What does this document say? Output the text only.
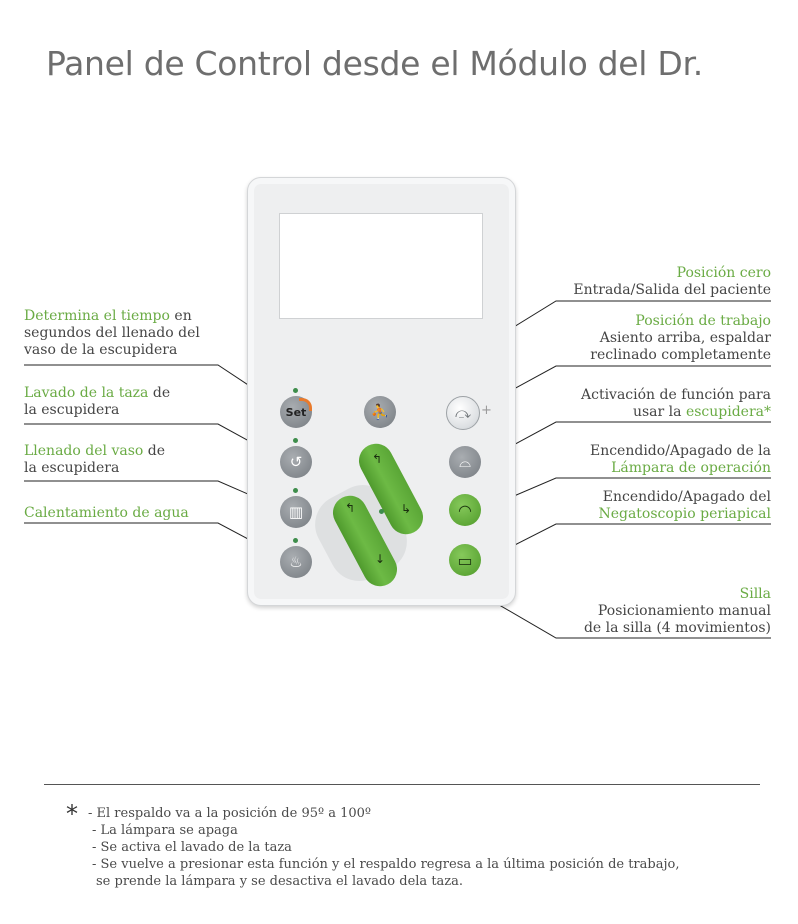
Panel de Control desde el Módulo del Dr.
Set
↺
▥
♨
⛹
↰
↳
↰
↓
⤼ +
⌓
◠
▭
Determina el tiempo en
segundos del llenado del
vaso de la escupidera
Lavado de la taza de
la escupidera
Llenado del vaso de
la escupidera
Calentamiento de agua
Posición cero
Entrada/Salida del paciente
Posición de trabajo
Asiento arriba, espaldar
reclinado completamente
Activación de función para
usar la escupidera*
Encendido/Apagado de la
Lámpara de operación
Encendido/Apagado del
Negatoscopio periapical
Silla
Posicionamiento manual
de la silla (4 movimientos)
* - El respaldo va a la posición de 95º a 100º
- La lámpara se apaga
- Se activa el lavado de la taza
- Se vuelve a presionar esta función y el respaldo regresa a la última posición de trabajo,
se prende la lámpara y se desactiva el lavado dela taza.
